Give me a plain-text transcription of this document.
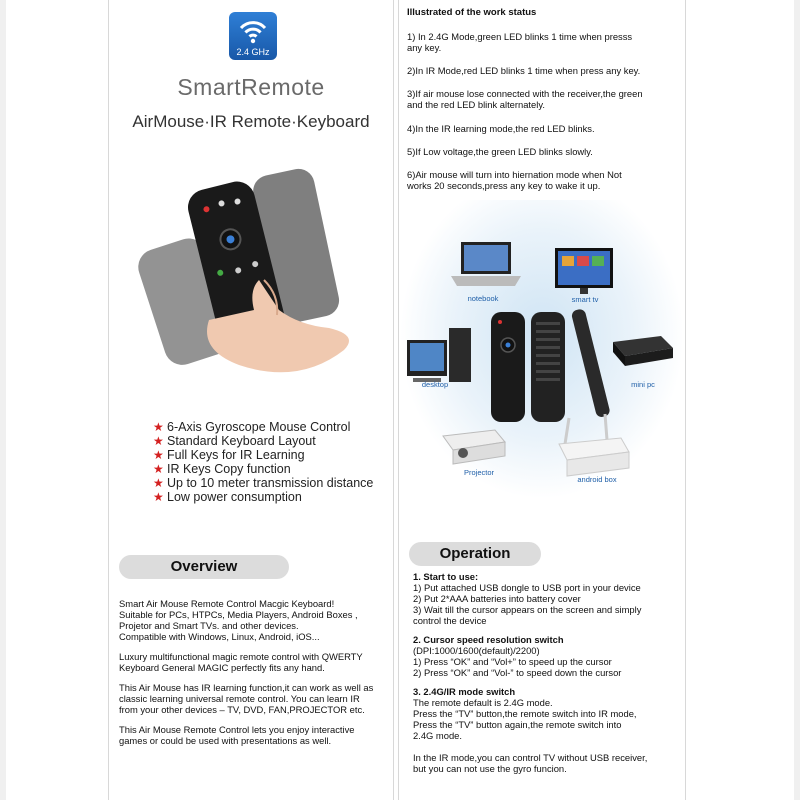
2.4 GHz
SmartRemote
AirMouse·IR Remote·Keyboard
★ 6-Axis Gyroscope Mouse Control
★ Standard Keyboard Layout
★ Full Keys for IR Learning
★ IR Keys Copy function
★ Up to 10 meter transmission distance
★ Low power consumption
Overview

Smart Air Mouse Remote Control Macgic Keyboard!
Suitable for PCs, HTPCs, Media Players, Android Boxes ,
Projetor and Smart TVs. and other devices.
Compatible with Windows, Linux, Android, iOS...

Luxury multifunctional magic remote control with QWERTY
Keyboard General MAGIC perfectly fits any hand.

This Air Mouse has IR learning function,it can work as well as
classic learning universal remote control. You can learn IR
from your other devices – TV, DVD, FAN,PROJECTOR etc.

This Air Mouse Remote Control lets you enjoy interactive
games or could be used with presentations as well.

Illustrated of the work status
1) In 2.4G Mode,green LED blinks 1 time when presss
any key.
2)In IR Mode,red LED blinks 1 time when press any key.
3)If air mouse lose connected with the receiver,the green
and the red LED blink alternately.
4)In the IR learning mode,the red LED blinks.
5)If Low voltage,the green LED blinks slowly.
6)Air mouse will turn into hiernation mode when Not
works 20 seconds,press any key to wake it up.
notebook	smart tv
desktop	mini pc
Projector
android box
Operation
1. Start to use:
1) Put attached USB dongle to USB port in your device
2) Put 2*AAA batteries into battery cover
3) Wait till the cursor appears on the screen and simply
control the device
2. Cursor speed resolution switch
(DPI:1000/1600(default)/2200)
1) Press “OK” and “Vol+” to speed up the cursor
2) Press “OK” and “Vol-” to speed down the cursor
3. 2.4G/IR mode switch
The remote default is 2.4G mode.
Press the “TV” button,the remote switch into IR mode,
Press the “TV” button again,the remote switch into
2.4G mode.
In the IR mode,you can control TV without USB receiver,
but you can not use the gyro funcion.
